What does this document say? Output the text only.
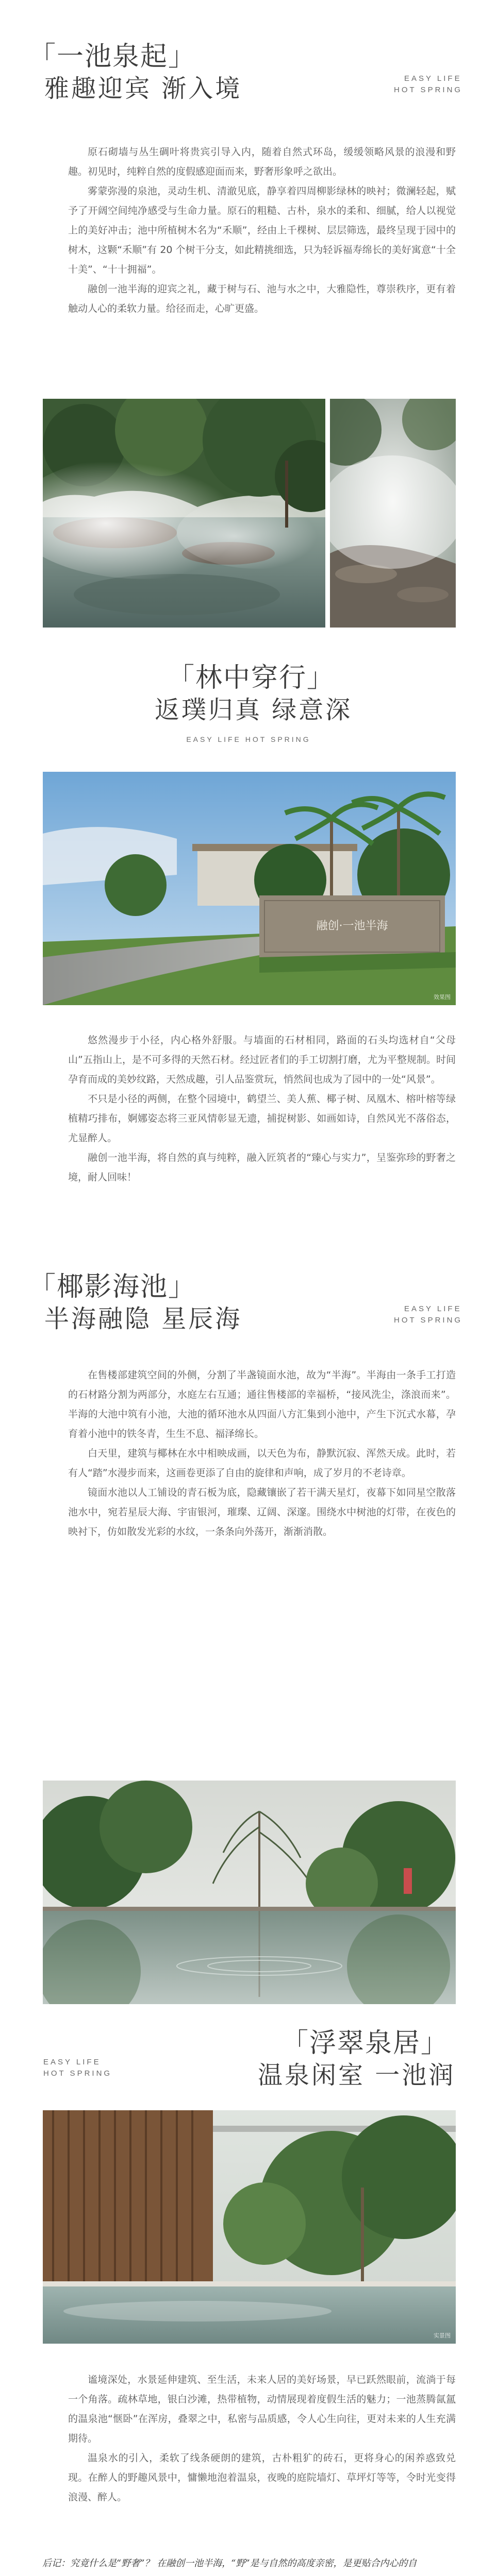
「一池泉起」
雅趣迎宾 渐入境	EASY LIFE
HOT SPRING

原石砌墙与丛生碉叶将贵宾引导入内，随着自然式环岛，缓缓领略风景的浪漫和野趣。初见时，纯粹自然的度假感迎面而来，野奢形象呼之欲出。

雾蒙弥漫的泉池，灵动生机、清澈见底，静享着四周柳影绿林的映衬；微澜轻起，赋予了开阔空间纯净感受与生命力量。原石的粗糙、古朴，泉水的柔和、细腻，给人以视觉上的美好冲击；池中所植树木名为“禾顺”，经由上千棵树、层层筛选，最终呈现于园中的树木，这颗“禾顺”有 20 个树干分支，如此精挑细选，只为轻诉福寿绵长的美好寓意“十全十美”、“十十拥福”。

融创一池半海的迎宾之礼，藏于树与石、池与水之中，大雅隐性，尊崇秩序，更有着触动人心的柔软力量。给径而走，心旷更盛。

「林中穿行」
返璞归真 绿意深
EASY LIFE HOT SPRING
融创·一池半海
效果图

悠然漫步于小径，内心格外舒服。与墙面的石材相同，路面的石头均选材自“父母山”五指山上，是不可多得的天然石材。经过匠者们的手工切割打磨，尤为平整规制。时间孕育而成的美妙纹路，天然成趣，引人品鉴赏玩，悄然间也成为了园中的一处“风景”。

不只是小径的两侧，在整个园境中，鹤望兰、美人蕉、椰子树、凤凰木、榕叶榕等绿植精巧排布，婀娜姿态将三亚风情彰显无遗，捕捉树影、如画如诗，自然风光不落俗态，尤显醉人。

融创一池半海，将自然的真与纯粹，融入匠筑者的“臻心与实力”，呈鉴弥珍的野奢之境，耐人回味！

「椰影海池」
半海融隐 星辰海	EASY LIFE
HOT SPRING

在售楼部建筑空间的外侧，分割了半盏镜面水池，故为“半海”。半海由一条手工打造的石材路分割为两部分，水庭左右互通；通往售楼部的幸福桥，“接风洗尘，涤浪而来”。半海的大池中筑有小池，大池的循环池水从四面八方汇集到小池中，产生下沉式水幕，孕育着小池中的铁冬青，生生不息、福泽绵长。

白天里，建筑与椰林在水中相映成画，以天色为布，静默沉寂、浑然天成。此时，若有人“踏”水漫步而来，这画卷更添了自由的旋律和声响，成了岁月的不老诗章。

镜面水池以人工铺设的青石板为底，隐藏镶嵌了若干满天星灯，夜幕下如同星空散落池水中，宛若星辰大海、宇宙银河，璀璨、辽阔、深邃。围绕水中树池的灯带，在夜色的映衬下，仿如散发光彩的水纹，一条条向外荡开，渐渐消散。

「浮翠泉居」
温泉闲室 一池润
EASY LIFE
HOT SPRING
实景图

谧境深处，水景延伸建筑、至生活，未来人居的美好场景，早已跃然眼前，流淌于每一个角落。疏林草地，银白沙滩，热带植物，动情展现着度假生活的魅力；一池蒸腾氤氲的温泉池“惬卧”在浑房，叠翠之中，私密与品质感，令人心生向往，更对未来的人生充满期待。

温泉水的引入，柔软了线条硬朗的建筑，古朴粗犷的砖石，更将身心的闲养惑致兑现。在醉人的野趣风景中，慵懒地泡着温泉，夜晚的庭院墙灯、草坪灯等等，令时光变得浪漫、醉人。

后记：究竟什么是“野奢”？ 在融创一池半海，“野”是与自然的高度亲密，是更贴合内心的自
